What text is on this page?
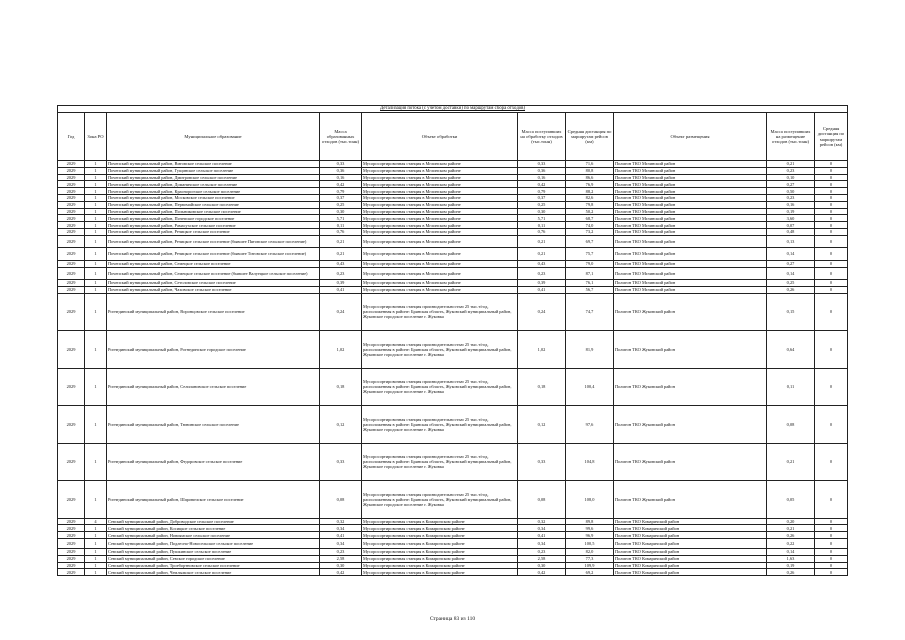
Детализация потока (с учетом доставки) по маршрутам сбора отходов)									
Год	Зона РО	Муниципальное образование	Масса образованных отходов (тыс.тонн)	Объект обработки	Масса поступивших на обработку отходов (тыс.тонн)	Средняя дистанция по маршрутам рейсов (км)	Объект размещения	Масса поступивших на размещение отходов (тыс.тонн)	Средняя дистанция по маршрутам рейсов (км)
2029	1	Почепский муниципальный район, Витовское сельское поселение	0,33	Мусоросортировочная станция в Мглинском районе	0,33	71,6	Полигон ТКО Мглинский район	0,21	0
2029	1	Почепский муниципальный район, Гущинское сельское поселение	0,36	Мусоросортировочная станция в Мглинском районе	0,36	80,8	Полигон ТКО Мглинский район	0,23	0
2029	1	Почепский муниципальный район, Дмитровское сельское поселение	0,16	Мусоросортировочная станция в Мглинском районе	0,16	86,6	Полигон ТКО Мглинский район	0,10	0
2029	1	Почепский муниципальный район, Доманичское сельское поселение	0,42	Мусоросортировочная станция в Мглинском районе	0,42	76,9	Полигон ТКО Мглинский район	0,27	0
2029	1	Почепский муниципальный район, Краснорогское сельское поселение	0,79	Мусоросортировочная станция в Мглинском районе	0,79	88,2	Полигон ТКО Мглинский район	0,50	0
2029	1	Почепский муниципальный район, Московское сельское поселение	0,37	Мусоросортировочная станция в Мглинском районе	0,37	82,6	Полигон ТКО Мглинский район	0,23	0
2029	1	Почепский муниципальный район, Первомайское сельское поселение	0,25	Мусоросортировочная станция в Мглинском районе	0,25	79,8	Полигон ТКО Мглинский район	0,16	0
2029	1	Почепский муниципальный район, Польниковское сельское поселение	0,30	Мусоросортировочная станция в Мглинском районе	0,30	50,2	Полигон ТКО Мглинский район	0,19	0
2029	1	Почепский муниципальный район, Почепское городское поселение	5,71	Мусоросортировочная станция в Мглинском районе	5,71	68,7	Полигон ТКО Мглинский район	3,60	0
2029	1	Почепский муниципальный район, Рамасухское сельское поселение	0,11	Мусоросортировочная станция в Мглинском районе	0,11	74,0	Полигон ТКО Мглинский район	0,07	0
2029	1	Почепский муниципальный район, Речицкое сельское поселение	0,76	Мусоросортировочная станция в Мглинском районе	0,76	73,2	Полигон ТКО Мглинский район	0,48	0
2029	1	Почепский муниципальный район, Речицкое сельское поселение (бывшее Пятовское сельское поселение)	0,21	Мусоросортировочная станция в Мглинском районе	0,21	69,7	Полигон ТКО Мглинский район	0,13	0
2029	1	Почепский муниципальный район, Речицкое сельское поселение (бывшее Титовское сельское поселение)	0,21	Мусоросортировочная станция в Мглинском районе	0,21	75,7	Полигон ТКО Мглинский район	0,14	0
2029	1	Почепский муниципальный район, Семецкое сельское поселение	0,43	Мусоросортировочная станция в Мглинском районе	0,43	79,0	Полигон ТКО Мглинский район	0,27	0
2029	1	Почепский муниципальный район, Семецкое сельское поселение (бывшее Валуецкое сельское поселение)	0,23	Мусоросортировочная станция в Мглинском районе	0,23	87,1	Полигон ТКО Мглинский район	0,14	0
2029	1	Почепский муниципальный район, Сетоловское сельское поселение	0,39	Мусоросортировочная станция в Мглинском районе	0,39	76,1	Полигон ТКО Мглинский район	0,25	0
2029	1	Почепский муниципальный район, Чаховское сельское поселение	0,41	Мусоросортировочная станция в Мглинском районе	0,41	56,7	Полигон ТКО Мглинский район	0,26	0
2029	1	Рогнединский муниципальный район, Воронцовское сельское поселение	0,24	Мусоросортировочная станция производительностью 25 тыс.т/год, расположенная в районе: Брянская область, Жуковский муниципальный район, Жуковское городское поселение г. Жуковка	0,24	74,7	Полигон ТКО Жуковский район	0,15	0
2029	1	Рогнединский муниципальный район, Рогнединское городское поселение	1,02	Мусоросортировочная станция производительностью 25 тыс.т/год, расположенная в районе: Брянская область, Жуковский муниципальный район, Жуковское городское поселение г. Жуковка	1,02	81,9	Полигон ТКО Жуковский район	0,64	0
2029	1	Рогнединский муниципальный район, Селилановское сельское поселение	0,18	Мусоросортировочная станция производительностью 25 тыс.т/год, расположенная в районе: Брянская область, Жуковский муниципальный район, Жуковское городское поселение г. Жуковка	0,18	100,4	Полигон ТКО Жуковский район	0,11	0
2029	1	Рогнединский муниципальный район, Тюнинское сельское поселение	0,12	Мусоросортировочная станция производительностью 25 тыс.т/год, расположенная в районе: Брянская область, Жуковский муниципальный район, Жуковское городское поселение г. Жуковка	0,12	97,6	Полигон ТКО Жуковский район	0,08	0
2029	1	Рогнединский муниципальный район, Федоровское сельское поселение	0,33	Мусоросортировочная станция производительностью 25 тыс.т/год, расположенная в районе: Брянская область, Жуковский муниципальный район, Жуковское городское поселение г. Жуковка	0,33	104,8	Полигон ТКО Жуковский район	0,21	0
2029	1	Рогнединский муниципальный район, Шаровичское сельское поселение	0,08	Мусоросортировочная станция производительностью 25 тыс.т/год, расположенная в районе: Брянская область, Жуковский муниципальный район, Жуковское городское поселение г. Жуковка	0,08	108,0	Полигон ТКО Жуковский район	0,05	0
2029	4	Севский муниципальный район, Доброводское сельское поселение	0,32	Мусоросортировочная станция в Комаричском районе	0,32	89,8	Полигон ТКО Комаричский район	0,20	0
2029	1	Севский муниципальный район, Косицкое сельское поселение	0,34	Мусоросортировочная станция в Комаричском районе	0,34	99,6	Полигон ТКО Комаричский район	0,21	0
2029	1	Севский муниципальный район, Новоямское сельское поселение	0,41	Мусоросортировочная станция в Комаричском районе	0,41	96,9	Полигон ТКО Комаричский район	0,26	0
2029	1	Севский муниципальный район, Подлесно-Новосельское сельское поселение	0,34	Мусоросортировочная станция в Комаричском районе	0,34	100,5	Полигон ТКО Комаричский район	0,22	0
2029	1	Севский муниципальный район, Пушкинское сельское поселение	0,23	Мусоросортировочная станция в Комаричском районе	0,23	82,0	Полигон ТКО Комаричский район	0,14	0
2029	1	Севский муниципальный район, Севское городское поселение	2,58	Мусоросортировочная станция в Комаричском районе	2,58	77,3	Полигон ТКО Комаричский район	1,63	0
2029	1	Севский муниципальный район, Троебортновское сельское поселение	0,30	Мусоросортировочная станция в Комаричском районе	0,30	109,9	Полигон ТКО Комаричский район	0,19	0
2029	1	Севский муниципальный район, Чемлыжское сельское поселение	0,42	Мусоросортировочная станция в Комаричском районе	0,42	69,2	Полигон ТКО Комаричский район	0,26	0
Страница 83 из 110
